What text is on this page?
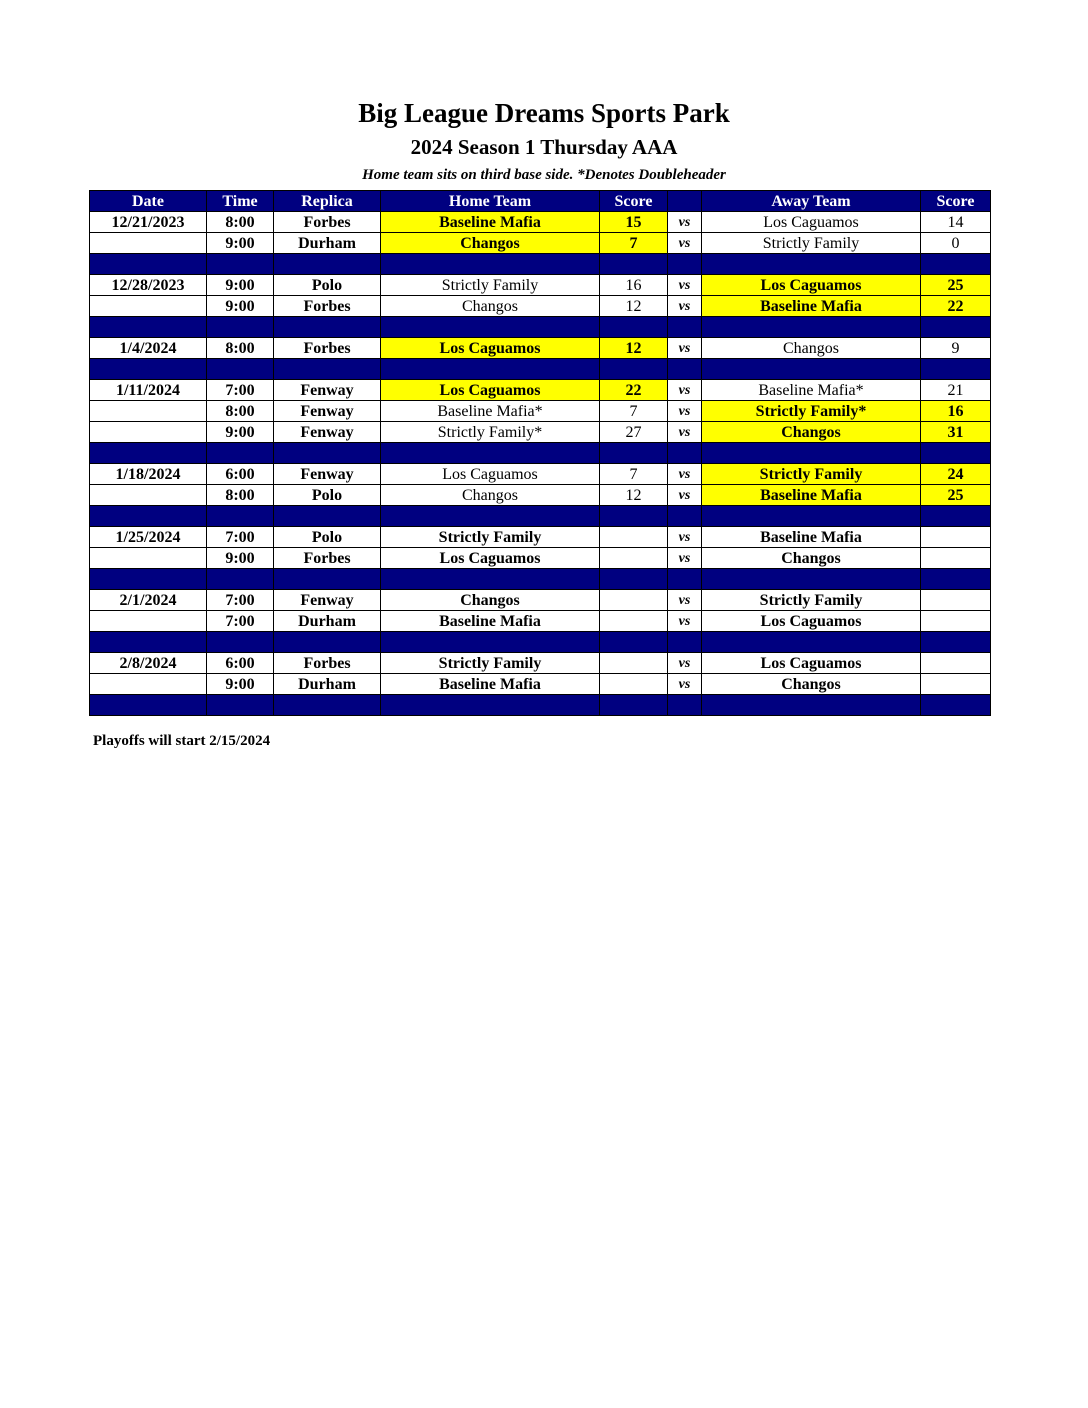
Big League Dreams Sports Park
2024 Season 1 Thursday AAA
Home team sits on third base side. *Denotes Doubleheader
Date	Time	Replica	Home Team	Score		Away Team	Score
12/21/2023	8:00	Forbes	Baseline Mafia	15	vs	Los Caguamos	14
	9:00	Durham	Changos	7	vs	Strictly Family	0

12/28/2023	9:00	Polo	Strictly Family	16	vs	Los Caguamos	25
	9:00	Forbes	Changos	12	vs	Baseline Mafia	22

1/4/2024	8:00	Forbes	Los Caguamos	12	vs	Changos	9

1/11/2024	7:00	Fenway	Los Caguamos	22	vs	Baseline Mafia*	21
	8:00	Fenway	Baseline Mafia*	7	vs	Strictly Family*	16
	9:00	Fenway	Strictly Family*	27	vs	Changos	31

1/18/2024	6:00	Fenway	Los Caguamos	7	vs	Strictly Family	24
	8:00	Polo	Changos	12	vs	Baseline Mafia	25

1/25/2024	7:00	Polo	Strictly Family		vs	Baseline Mafia	
	9:00	Forbes	Los Caguamos		vs	Changos	

2/1/2024	7:00	Fenway	Changos		vs	Strictly Family	
	7:00	Durham	Baseline Mafia		vs	Los Caguamos	

2/8/2024	6:00	Forbes	Strictly Family		vs	Los Caguamos	
	9:00	Durham	Baseline Mafia		vs	Changos	

Playoffs will start 2/15/2024
